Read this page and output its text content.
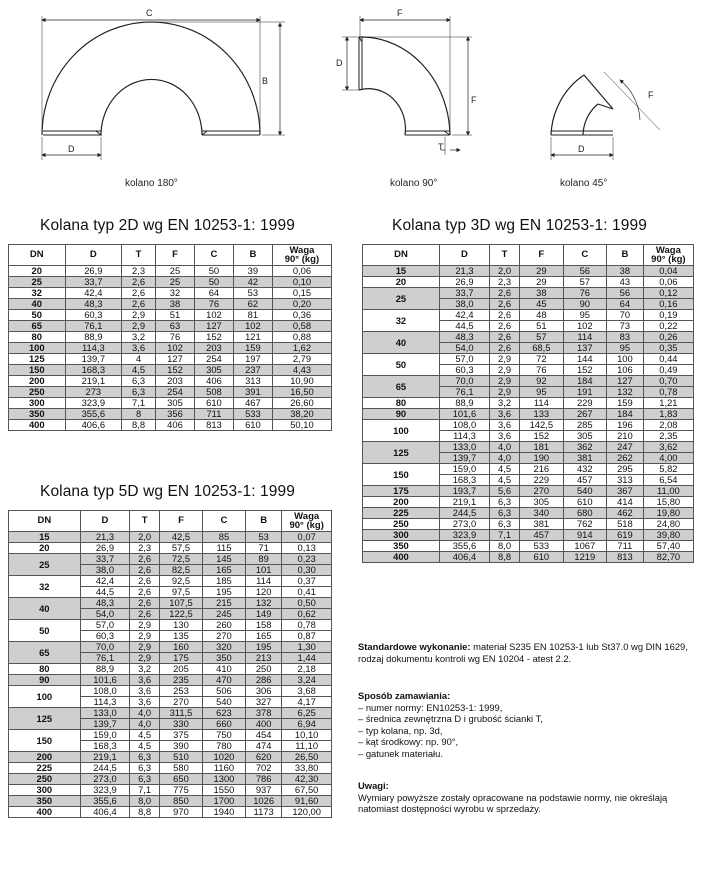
C
B
D
F
D
F
T
F
D
kolano 180°	kolano 90°	kolano 45°
Kolana typ 2D wg EN 10253-1: 1999	Kolana typ 3D wg EN 10253-1: 1999
Kolana typ 5D wg EN 10253-1: 1999
DN	D	T	F	C	B	Waga
90° (kg)
20	26,9	2,3	25	50	39	0,06
25	33,7	2,6	25	50	42	0,10
32	42,4	2,6	32	64	53	0,15
40	48,3	2,6	38	76	62	0,20
50	60,3	2,9	51	102	81	0,36
65	76,1	2,9	63	127	102	0,58
80	88,9	3,2	76	152	121	0,88
100	114,3	3,6	102	203	159	1,62
125	139,7	4	127	254	197	2,79
150	168,3	4,5	152	305	237	4,43
200	219,1	6,3	203	406	313	10,90
250	273	6,3	254	508	391	16,50
300	323,9	7,1	305	610	467	26,60
350	355,6	8	356	711	533	38,20
400	406,6	8,8	406	813	610	50,10
DN	D	T	F	C	B	Waga
90° (kg)
15	21,3	2,0	29	56	38	0,04
20	26,9	2,3	29	57	43	0,06
25	33,7	2,6	38	76	56	0,12
	38,0	2,6	45	90	64	0,16
32	42,4	2,6	48	95	70	0,19
	44,5	2,6	51	102	73	0,22
40	48,3	2,6	57	114	83	0,26
	54,0	2,6	68,5	137	95	0,35
50	57,0	2,9	72	144	100	0,44
	60,3	2,9	76	152	106	0,49
65	70,0	2,9	92	184	127	0,70
	76,1	2,9	95	191	132	0,78
80	88,9	3,2	114	229	159	1,21
90	101,6	3,6	133	267	184	1,83
100	108,0	3,6	142,5	285	196	2,08
	114,3	3,6	152	305	210	2,35
125	133,0	4,0	181	362	247	3,62
	139,7	4,0	190	381	262	4,00
150	159,0	4,5	216	432	295	5,82
	168,3	4,5	229	457	313	6,54
175	193,7	5,6	270	540	367	11,00
200	219,1	6,3	305	610	414	15,80
225	244,5	6,3	340	680	462	19,80
250	273,0	6,3	381	762	518	24,80
300	323,9	7,1	457	914	619	39,80
350	355,6	8,0	533	1067	711	57,40
400	406,4	8,8	610	1219	813	82,70
DN	D	T	F	C	B	Waga
90° (kg)
15	21,3	2,0	42,5	85	53	0,07
20	26,9	2,3	57,5	115	71	0,13
25	33,7	2,6	72,5	145	89	0,23
	38,0	2,6	82,5	165	101	0,30
32	42,4	2,6	92,5	185	114	0,37
	44,5	2,6	97,5	195	120	0,41
40	48,3	2,6	107,5	215	132	0,50
	54,0	2,6	122,5	245	149	0,62
50	57,0	2,9	130	260	158	0,78
	60,3	2,9	135	270	165	0,87
65	70,0	2,9	160	320	195	1,30
	76,1	2,9	175	350	213	1,44
80	88,9	3,2	205	410	250	2,18
90	101,6	3,6	235	470	286	3,24
100	108,0	3,6	253	506	306	3,68
	114,3	3,6	270	540	327	4,17
125	133,0	4,0	311,5	623	378	6,25
	139,7	4,0	330	660	400	6,94
150	159,0	4,5	375	750	454	10,10
	168,3	4,5	390	780	474	11,10
200	219,1	6,3	510	1020	620	26,50
225	244,5	6,3	580	1160	702	33,80
250	273,0	6,3	650	1300	786	42,30
300	323,9	7,1	775	1550	937	67,50
350	355,6	8,0	850	1700	1026	91,60
400	406,4	8,8	970	1940	1173	120,00
Standardowe wykonanie: materiał S235 EN 10253-1 lub St37.0 wg DIN 1629, rodzaj dokumentu kontroli wg EN 10204 - atest 2.2.
Sposób zamawiania:
– numer normy: EN10253-1: 1999,
– średnica zewnętrzna D i grubość ścianki T,
– typ kolana, np. 3d,
– kąt środkowy: np. 90°,
– gatunek materiału.
Uwagi:
Wymiary powyższe zostały opracowane na podstawie normy, nie określają natomiast dostępności wyrobu w sprzedaży.
